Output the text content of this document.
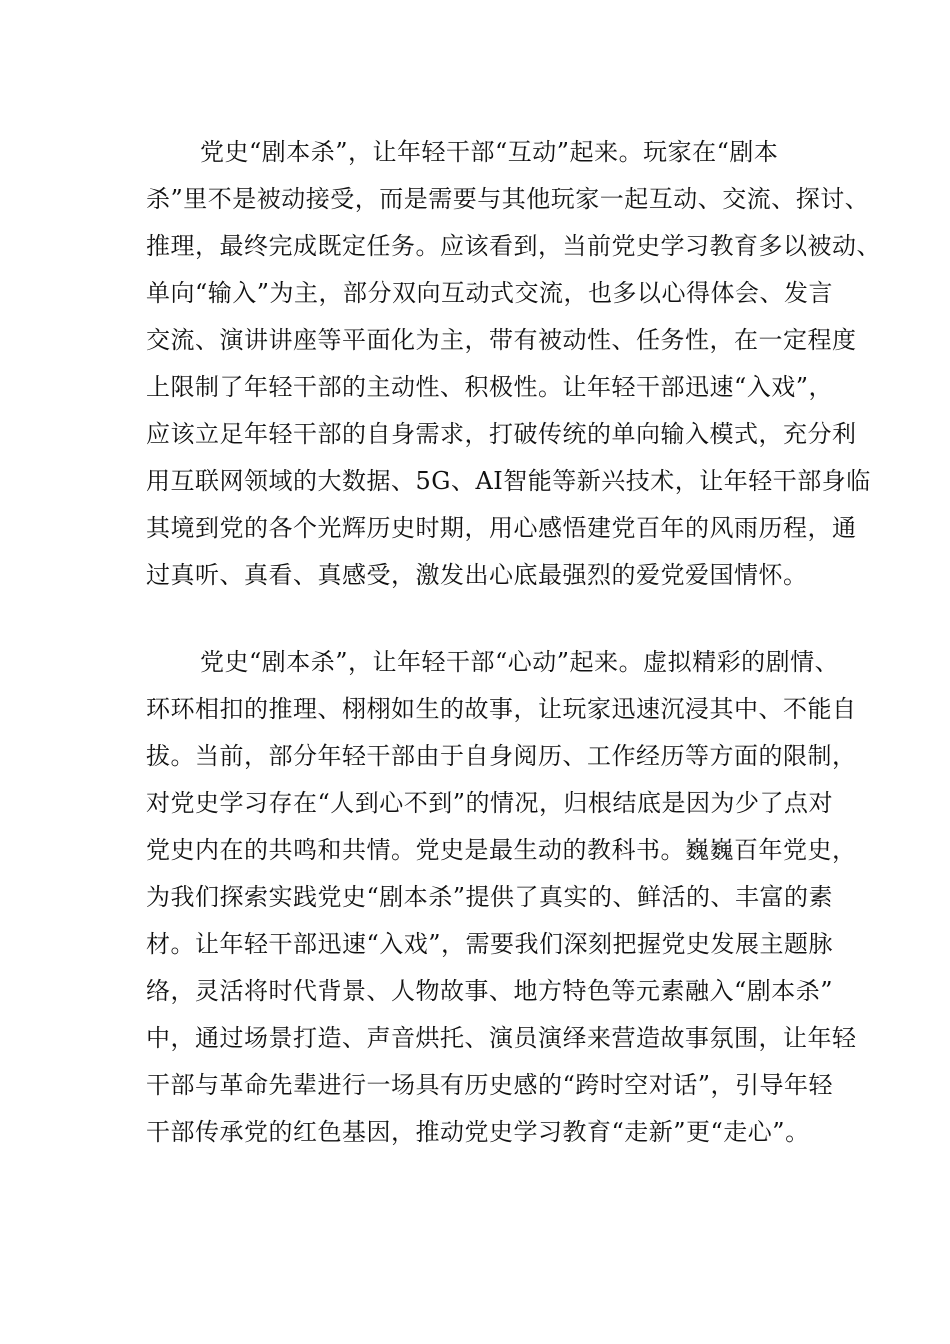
党史“剧本杀”，让年轻干部“互动”起来。玩家在“剧本
杀”里不是被动接受，而是需要与其他玩家一起互动、交流、探讨、
推理，最终完成既定任务。应该看到，当前党史学习教育多以被动、
单向“输入”为主，部分双向互动式交流，也多以心得体会、发言
交流、演讲讲座等平面化为主，带有被动性、任务性，在一定程度
上限制了年轻干部的主动性、积极性。让年轻干部迅速“入戏”，
应该立足年轻干部的自身需求，打破传统的单向输入模式，充分利
用互联网领域的大数据、5G、AI智能等新兴技术，让年轻干部身临
其境到党的各个光辉历史时期，用心感悟建党百年的风雨历程，通
过真听、真看、真感受，激发出心底最强烈的爱党爱国情怀。
党史“剧本杀”，让年轻干部“心动”起来。虚拟精彩的剧情、
环环相扣的推理、栩栩如生的故事，让玩家迅速沉浸其中、不能自
拔。当前，部分年轻干部由于自身阅历、工作经历等方面的限制，
对党史学习存在“人到心不到”的情况，归根结底是因为少了点对
党史内在的共鸣和共情。党史是最生动的教科书。巍巍百年党史，
为我们探索实践党史“剧本杀”提供了真实的、鲜活的、丰富的素
材。让年轻干部迅速“入戏”，需要我们深刻把握党史发展主题脉
络，灵活将时代背景、人物故事、地方特色等元素融入“剧本杀”
中，通过场景打造、声音烘托、演员演绎来营造故事氛围，让年轻
干部与革命先辈进行一场具有历史感的“跨时空对话”，引导年轻
干部传承党的红色基因，推动党史学习教育“走新”更“走心”。
